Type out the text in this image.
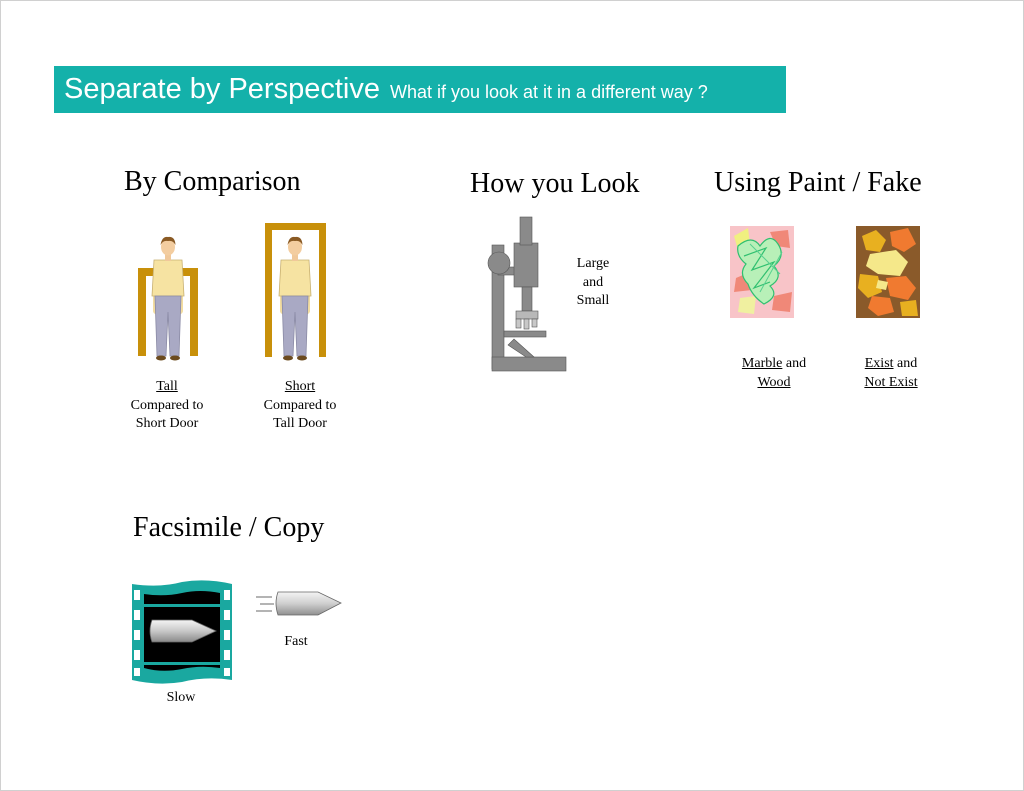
Separate by Perspective What if you look at it in a different way ?
By Comparison
Tall
Compared to
Short Door
Short
Compared to
Tall Door
How you Look
Large
and
Small
Using Paint / Fake
Marble and
Wood
Exist and
Not Exist
Facsimile / Copy
Fast
Slow
